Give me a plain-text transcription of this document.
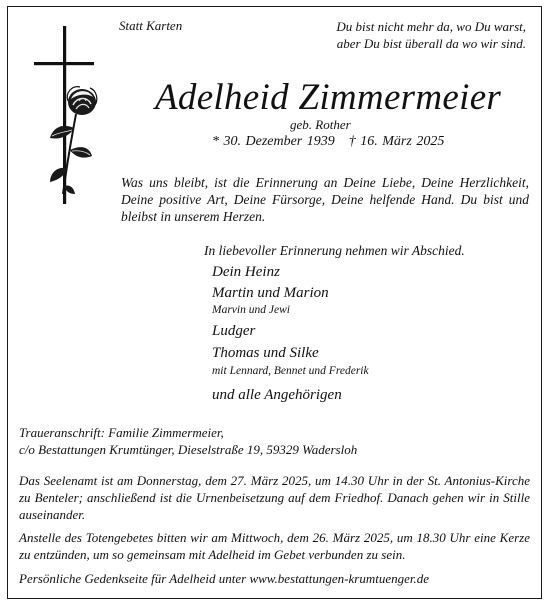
Statt Karten	Du bist nicht mehr da, wo Du warst,
aber Du bist überall da wo wir sind.
Adelheid Zimmermeier
geb. Rother
* 30. Dezember 1939 † 16. März 2025
Was uns bleibt, ist die Erinnerung an Deine Liebe, Deine Herzlichkeit, Deine positive Art, Deine Fürsorge, Deine helfende Hand. Du bist und bleibst in unserem Herzen.
In liebevoller Erinnerung nehmen wir Abschied.
Dein Heinz
Martin und Marion
Marvin und Jewi
Ludger
Thomas und Silke
mit Lennard, Bennet und Frederik
und alle Angehörigen
Traueranschrift: Familie Zimmermeier,
c/o Bestattungen Krumtünger, Dieselstraße 19, 59329 Wadersloh
Das Seelenamt ist am Donnerstag, dem 27. März 2025, um 14.30 Uhr in der St. Antonius-Kirche zu Benteler; anschließend ist die Urnenbeisetzung auf dem Friedhof. Danach gehen wir in Stille auseinander.
Anstelle des Totengebetes bitten wir am Mittwoch, dem 26. März 2025, um 18.30 Uhr eine Kerze zu entzünden, um so gemeinsam mit Adelheid im Gebet verbunden zu sein.
Persönliche Gedenkseite für Adelheid unter www.bestattungen-krumtuenger.de
